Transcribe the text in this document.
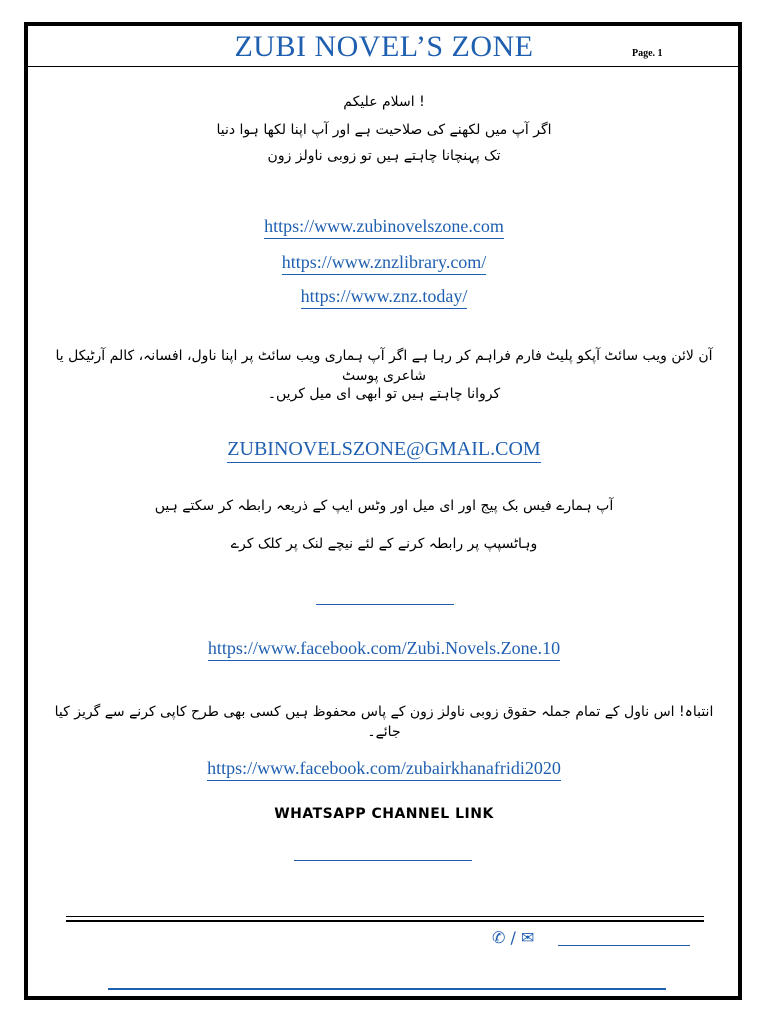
ZUBI NOVEL’S ZONE	Page. 1
! اسلام علیکم
اگر آپ میں لکھنے کی صلاحیت ہے اور آپ اپنا لکھا ہوا دنیا
تک پہنچانا چاہتے ہیں تو زوبی ناولز زون
https://www.zubinovelszone.com
https://www.znzlibrary.com/
https://www.znz.today/
آن لائن ویب سائٹ آپکو پلیٹ فارم فراہم کر رہا ہے اگر آپ ہماری ویب سائٹ پر اپنا ناول، افسانہ، کالم آرٹیکل یا شاعری پوسٹ
کروانا چاہتے ہیں تو ابھی ای میل کریں۔
ZUBINOVELSZONE@GMAIL.COM
آپ ہمارے فیس بک پیج اور ای میل اور وٹس ایپ کے ذریعہ رابطہ کر سکتے ہیں
وہاٹسپپ پر رابطہ کرنے کے لئے نیچے لنک پر کلک کرے
https://www.facebook.com/Zubi.Novels.Zone.10
انتباہ! اس ناول کے تمام جملہ حقوق زوبی ناولز زون کے پاس محفوظ ہیں کسی بھی طرح کاپی کرنے سے گریز کیا جائے۔
https://www.facebook.com/zubairkhanafridi2020
WHATSAPP CHANNEL LINK
✆ / ✉
